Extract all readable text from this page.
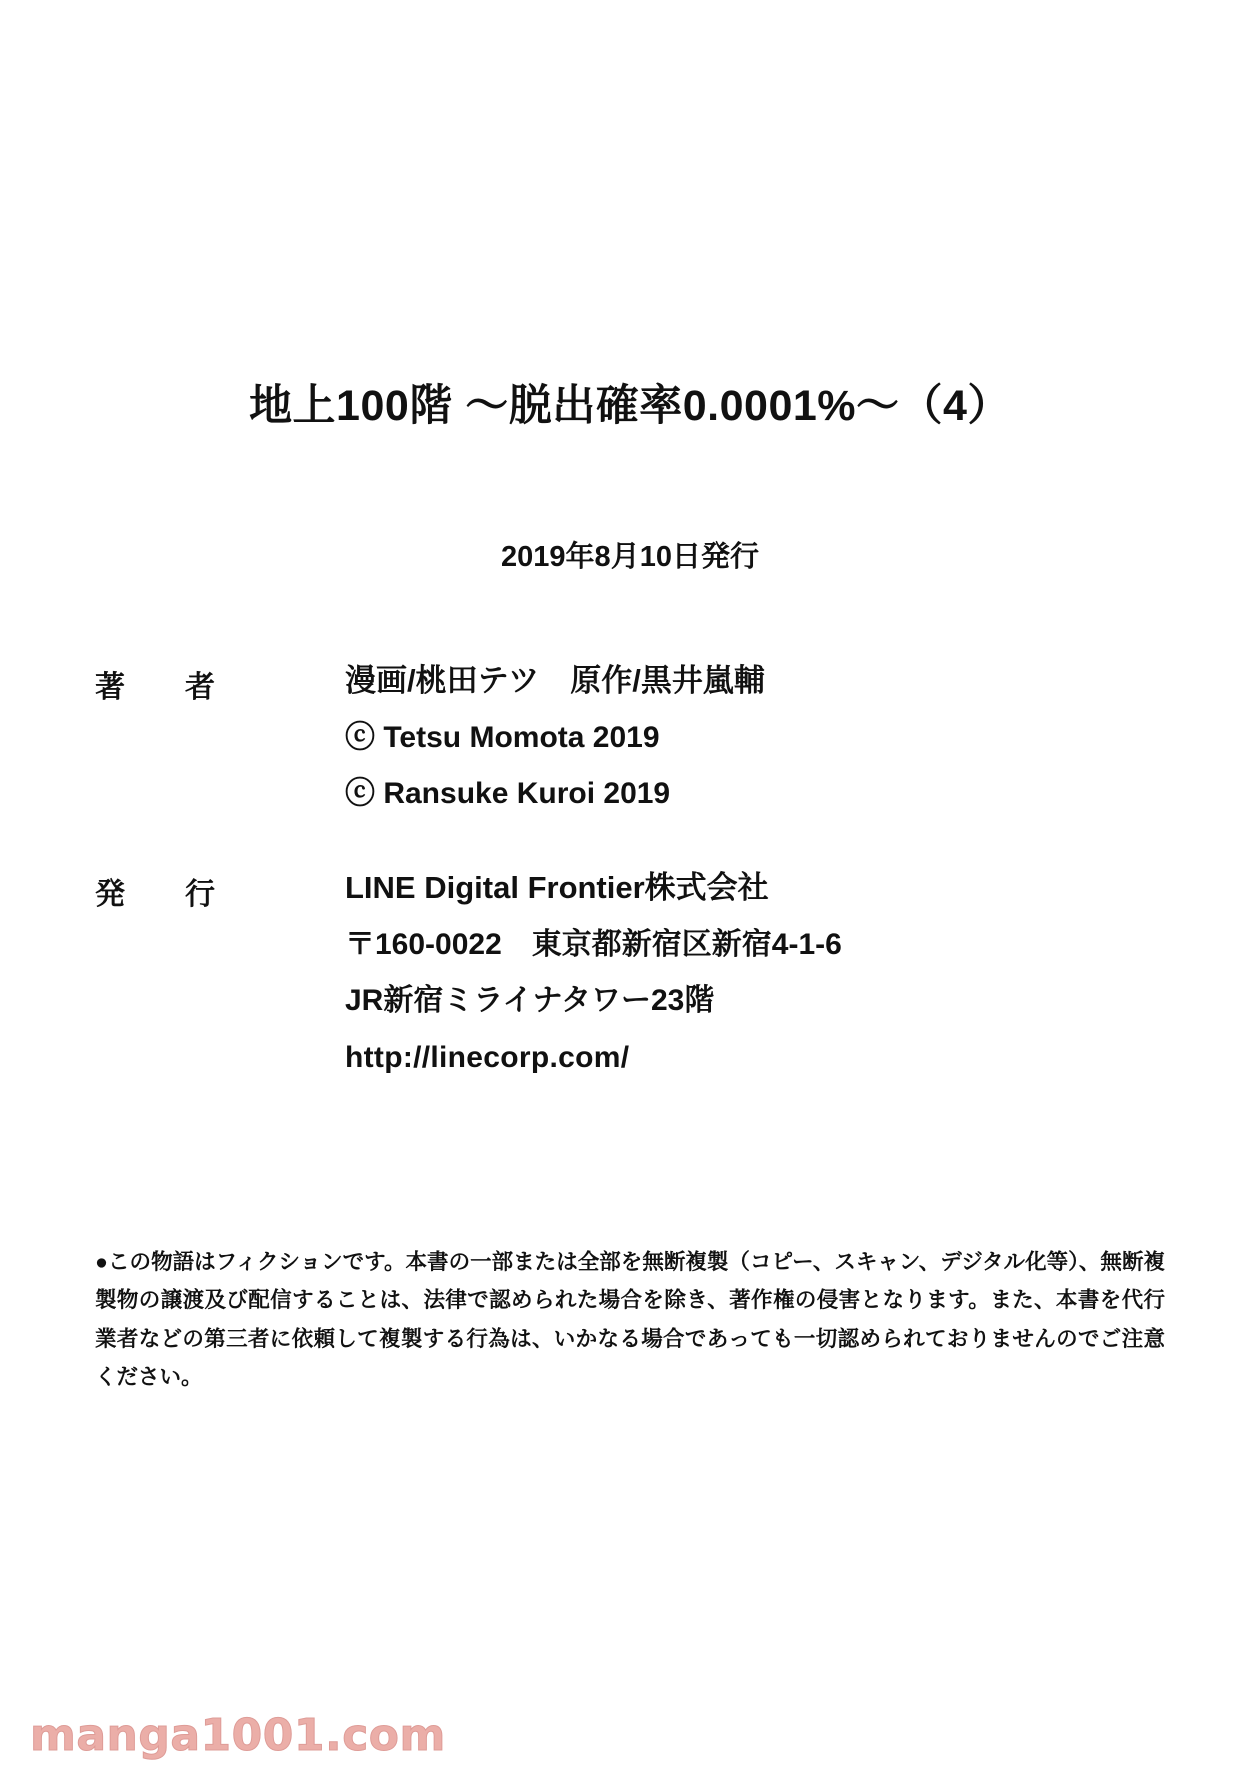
地上100階 ～脱出確率0.0001%～（4）
2019年8月10日発行
著　者	漫画/桃田テツ　原作/黒井嵐輔
ⓒ Tetsu Momota 2019
ⓒ Ransuke Kuroi 2019
発　行	LINE Digital Frontier株式会社
〒160-0022　東京都新宿区新宿4-1-6
JR新宿ミライナタワー23階
http://linecorp.com/
●この物語はフィクションです。本書の一部または全部を無断複製（コピー、スキャン、デジタル化等）、無断複製物の譲渡及び配信することは、法律で認められた場合を除き、著作権の侵害となります。また、本書を代行業者などの第三者に依頼して複製する行為は、いかなる場合であっても一切認められておりませんのでご注意ください。
manga1001.com
